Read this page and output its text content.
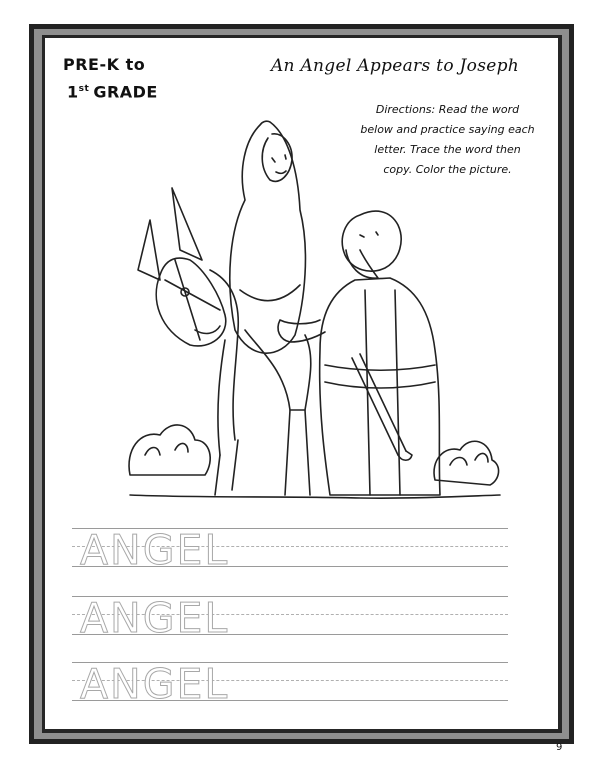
PRE-K to
1st GRADE
An Angel Appears to Joseph
Directions: Read the word below and practice saying each letter. Trace the word then copy. Color the picture.
ANGEL
ANGEL
ANGEL
9
